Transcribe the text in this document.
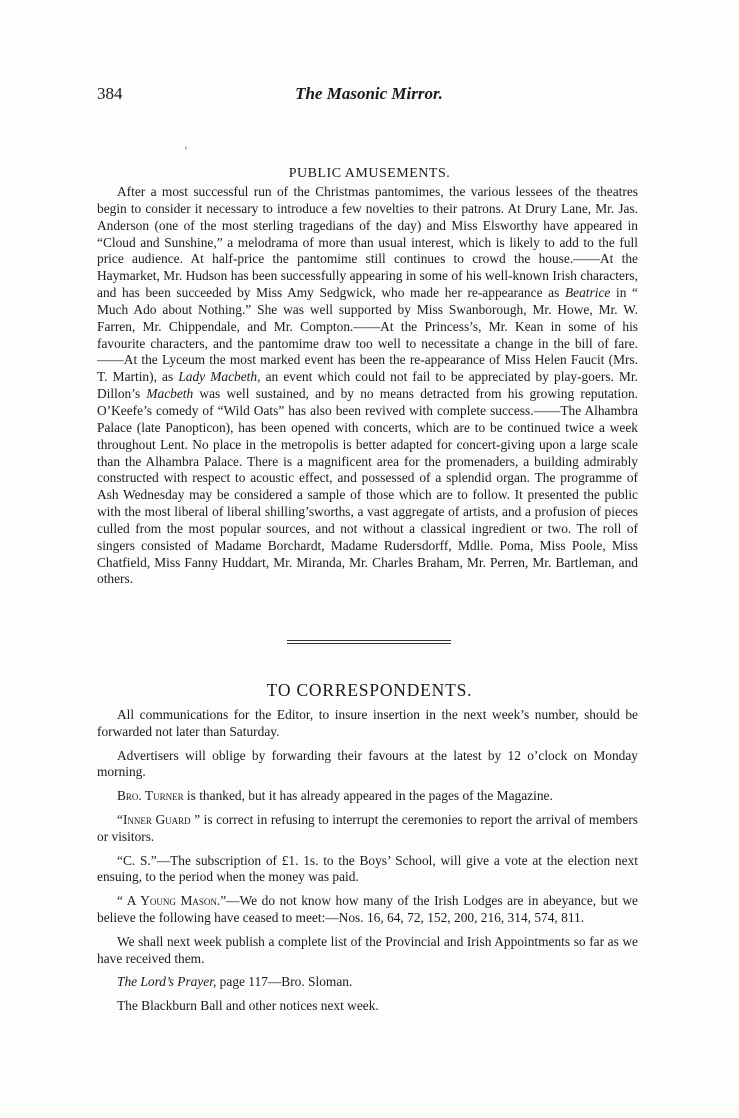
384	The Masonic Mirror.
‚
PUBLIC AMUSEMENTS.

After a most successful run of the Christmas pantomimes, the various lessees of the theatres begin to consider it necessary to introduce a few novelties to their patrons. At Drury Lane, Mr. Jas. Anderson (one of the most sterling tragedians of the day) and Miss Elsworthy have appeared in “Cloud and Sunshine,” a melodrama of more than usual interest, which is likely to add to the full price audience. At half-price the pantomime still continues to crowd the house.——At the Haymarket, Mr. Hudson has been successfully appearing in some of his well-known Irish characters, and has been succeeded by Miss Amy Sedgwick, who made her re-appearance as Beatrice in “ Much Ado about Nothing.” She was well supported by Miss Swanborough, Mr. Howe, Mr. W. Farren, Mr. Chippendale, and Mr. Compton.——At the Princess’s, Mr. Kean in some of his favourite characters, and the pantomime draw too well to necessitate a change in the bill of fare.——At the Lyceum the most marked event has been the re-appearance of Miss Helen Faucit (Mrs. T. Martin), as Lady Macbeth, an event which could not fail to be appreciated by play-goers. Mr. Dillon’s Macbeth was well sustained, and by no means detracted from his growing reputation. O’Keefe’s comedy of “Wild Oats” has also been revived with complete success.——The Alhambra Palace (late Panopticon), has been opened with concerts, which are to be continued twice a week throughout Lent. No place in the metropolis is better adapted for concert-giving upon a large scale than the Alhambra Palace. There is a magnificent area for the promenaders, a building admirably constructed with respect to acoustic effect, and possessed of a splendid organ. The programme of Ash Wednesday may be considered a sample of those which are to follow. It presented the public with the most liberal of liberal shilling’sworths, a vast aggregate of artists, and a profusion of pieces culled from the most popular sources, and not without a classical ingredient or two. The roll of singers consisted of Madame Borchardt, Madame Rudersdorff, Mdlle. Poma, Miss Poole, Miss Chatfield, Miss Fanny Huddart, Mr. Miranda, Mr. Charles Braham, Mr. Perren, Mr. Bartleman, and others.

TO CORRESPONDENTS.

All communications for the Editor, to insure insertion in the next week’s number, should be forwarded not later than Saturday.

Advertisers will oblige by forwarding their favours at the latest by 12 o’clock on Monday morning.

Bro. Turner is thanked, but it has already appeared in the pages of the Magazine.

“Inner Guard ” is correct in refusing to interrupt the ceremonies to report the arrival of members or visitors.

“C. S.”—The subscription of £1. 1s. to the Boys’ School, will give a vote at the election next ensuing, to the period when the money was paid.

“ A Young Mason.”—We do not know how many of the Irish Lodges are in abeyance, but we believe the following have ceased to meet:—Nos. 16, 64, 72, 152, 200, 216, 314, 574, 811.

We shall next week publish a complete list of the Provincial and Irish Appointments so far as we have received them.

The Lord’s Prayer, page 117—Bro. Sloman.

The Blackburn Ball and other notices next week.
